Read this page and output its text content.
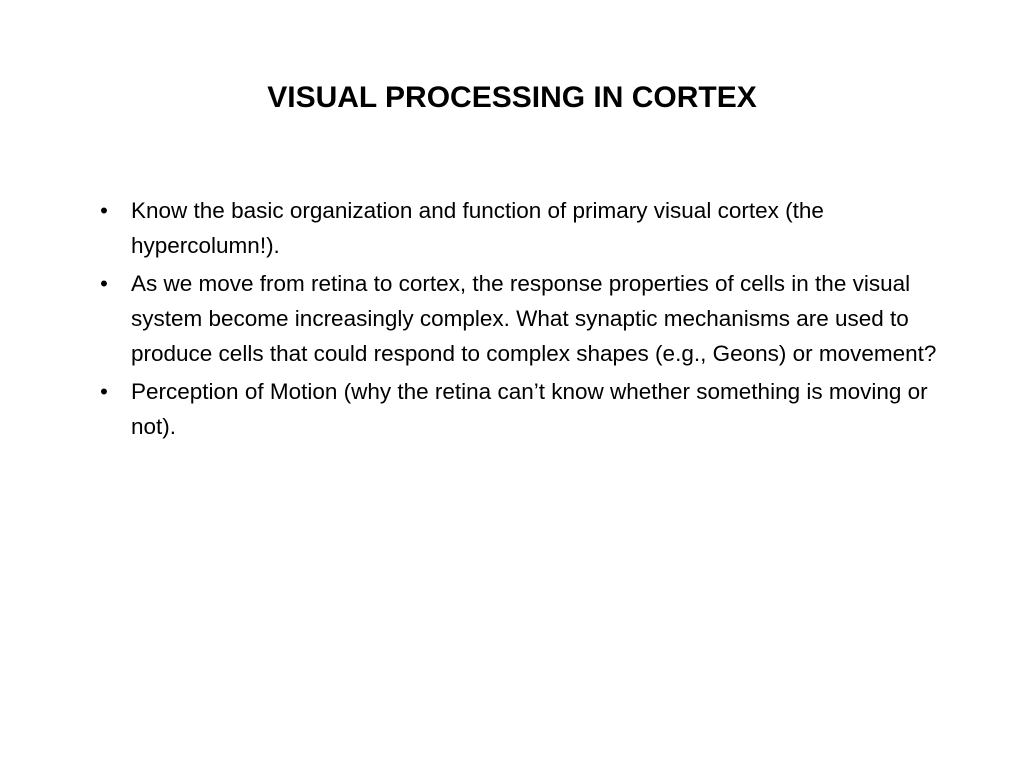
VISUAL PROCESSING IN CORTEX
• Know the basic organization and function of primary visual cortex (the hypercolumn!).
• As we move from retina to cortex, the response properties of cells in the visual system become increasingly complex. What synaptic mechanisms are used to produce cells that could respond to complex shapes (e.g., Geons) or movement?
• Perception of Motion (why the retina can’t know whether something is moving or not).
